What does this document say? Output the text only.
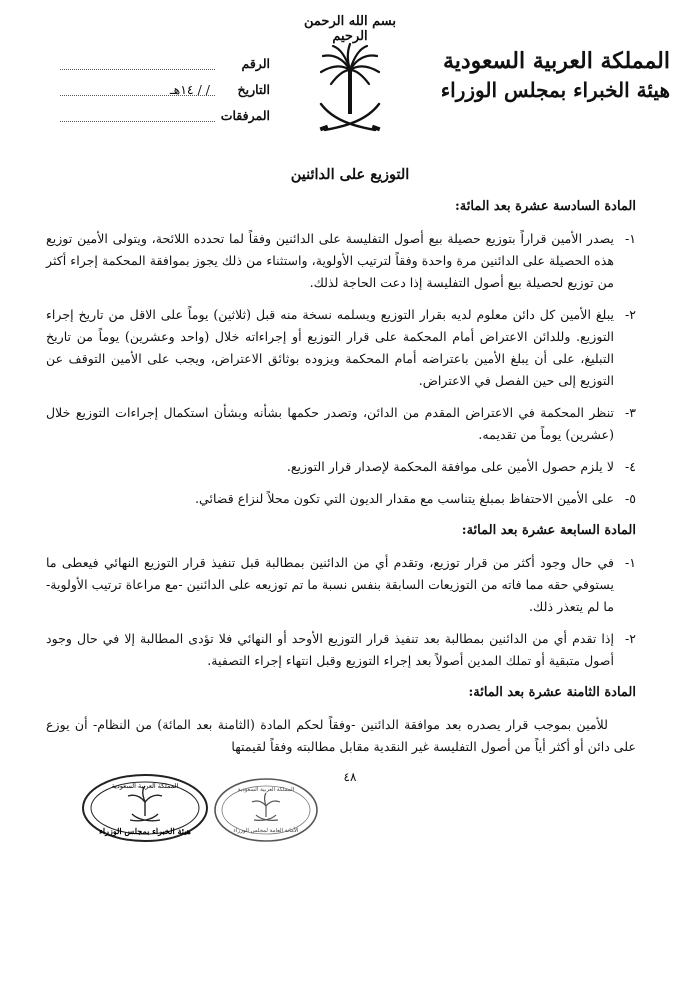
بسم الله الرحمن الرحيم
المملكة العربية السعودية
هيئة الخبراء بمجلس الوزراء
الرقم
التاريخ
/ / ١٤هـ
المرفقات
التوزيع على الدائنين
المادة السادسة عشرة بعد المائة:
١-
يصدر الأمين قراراً بتوزيع حصيلة بيع أصول التفليسة على الدائنين وفقاً لما تحدده اللائحة، ويتولى الأمين توزيع هذه الحصيلة على الدائنين مرة واحدة وفقاً لترتيب الأولوية، واستثناء من ذلك يجوز بموافقة المحكمة إجراء أكثر من توزيع لحصيلة بيع أصول التفليسة إذا دعت الحاجة لذلك.
٢-
يبلغ الأمين كل دائن معلوم لديه بقرار التوزيع ويسلمه نسخة منه قبل (ثلاثين) يوماً على الاقل من تاريخ إجراء التوزيع. وللدائن الاعتراض أمام المحكمة على قرار التوزيع أو إجراءاته خلال (واحد وعشرين) يوماً من تاريخ التبليغ، على أن يبلغ الأمين باعتراضه أمام المحكمة ويزوده بوثائق الاعتراض، ويجب على الأمين التوقف عن التوزيع إلى حين الفصل في الاعتراض.
٣-
تنظر المحكمة في الاعتراض المقدم من الدائن، وتصدر حكمها بشأنه وبشأن استكمال إجراءات التوزيع خلال (عشرين) يوماً من تقديمه.
٤-
لا يلزم حصول الأمين على موافقة المحكمة لإصدار قرار التوزيع.
٥-
على الأمين الاحتفاظ بمبلغ يتناسب مع مقدار الديون التي تكون محلاً لنزاع قضائي.
المادة السابعة عشرة بعد المائة:
١-
في حال وجود أكثر من قرار توزيع، وتقدم أي من الدائنين بمطالبة قبل تنفيذ قرار التوزيع النهائي فيعطى ما يستوفي حقه مما فاته من التوزيعات السابقة بنفس نسبة ما تم توزيعه على الدائنين -مع مراعاة ترتيب الأولوية- ما لم يتعذر ذلك.
٢-
إذا تقدم أي من الدائنين بمطالبة بعد تنفيذ قرار التوزيع الأوحد أو النهائي فلا تؤدى المطالبة إلا في حال وجود أصول متبقية أو تملك المدين أصولاً بعد إجراء التوزيع وقبل انتهاء إجراء التصفية.
المادة الثامنة عشرة بعد المائة:

للأمين بموجب قرار يصدره بعد موافقة الدائنين -وفقاً لحكم المادة (الثامنة بعد المائة) من النظام- أن يوزع على دائن أو أكثر أياً من أصول التفليسة غير النقدية مقابل مطالبته وفقاً لقيمتها

٤٨
المملكة العربية السعودية
هيئة الخبراء بمجلس الوزراء
المملكة العربية السعودية
الأمانة العامة لمجلس الوزراء
